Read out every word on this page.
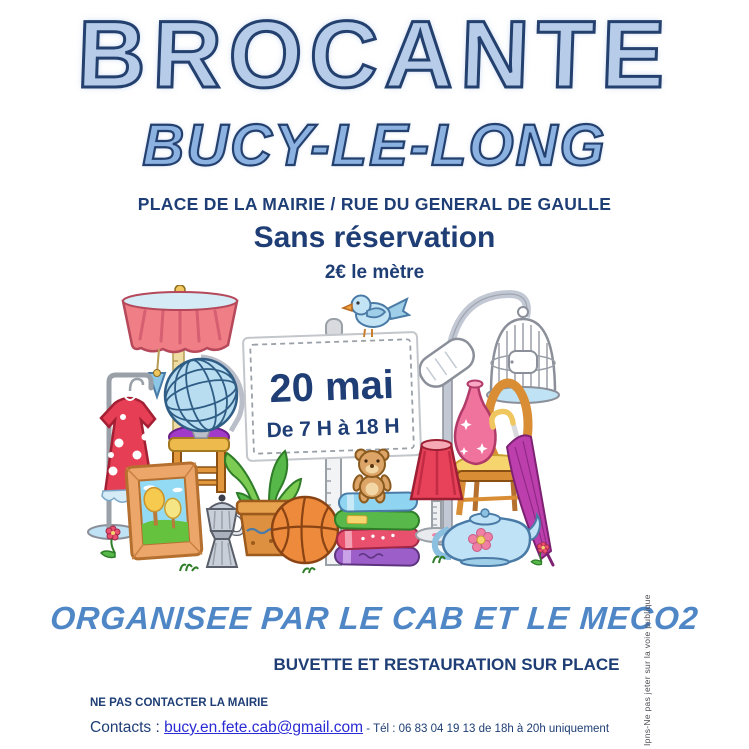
BROCANTE
BUCY-LE-LONG
PLACE DE LA MAIRIE / RUE DU GENERAL DE GAULLE
Sans réservation
2€ le mètre
20 mai
De 7 H à 18 H
ORGANISEE PAR LE CAB ET LE MECO2
BUVETTE ET RESTAURATION SUR PLACE
NE PAS CONTACTER LA MAIRIE
Contacts : bucy.en.fete.cab@gmail.com - Tél : 06 83 04 19 13 de 18h à 20h uniquement	Ipns-Ne pas jeter sur la voie publique
